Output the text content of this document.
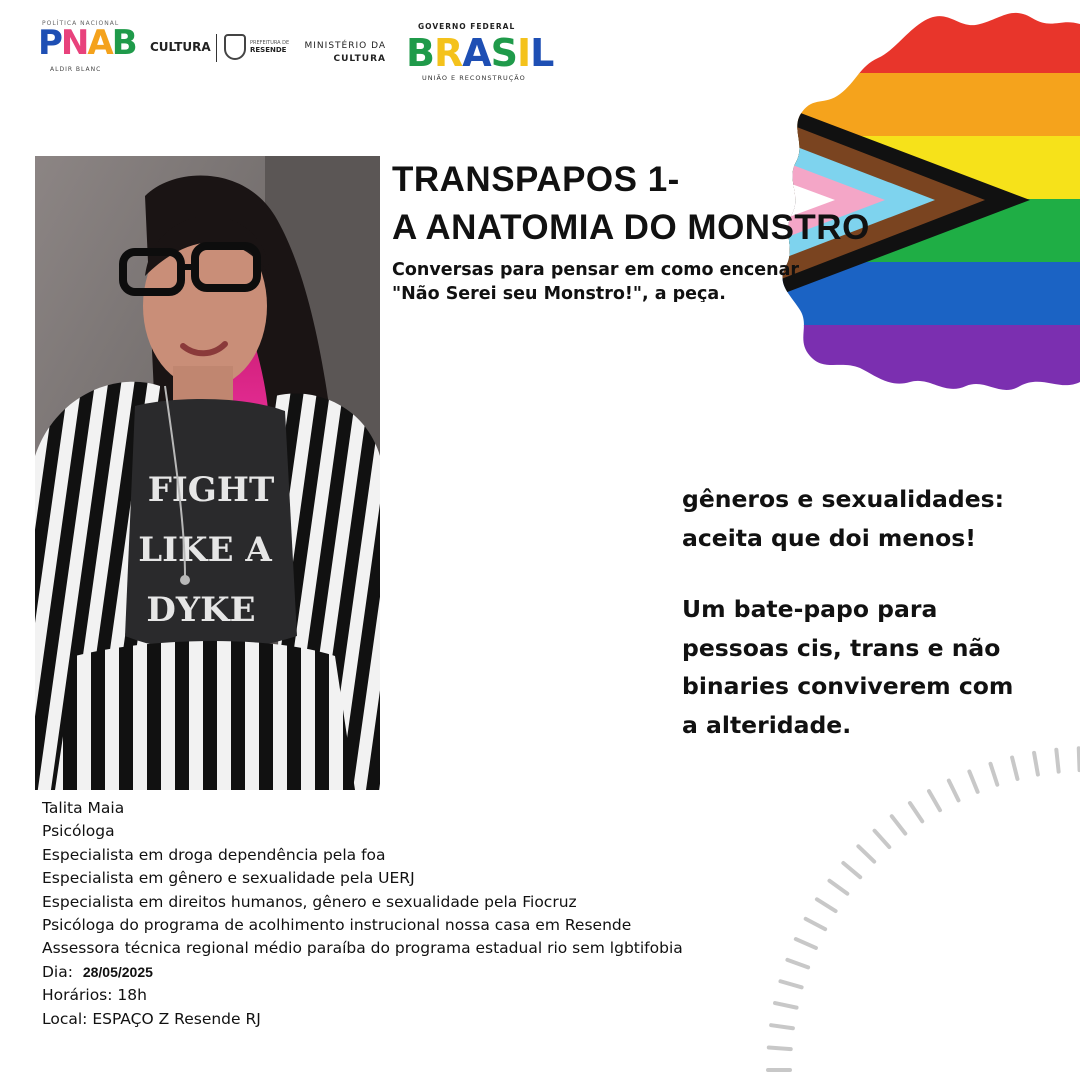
POLÍTICA NACIONAL
PNAB
ALDIR BLANC
CULTURA	PREFEITURA DE
RESENDE	MINISTÉRIO DA
CULTURA
GOVERNO FEDERAL
BRASIL
UNIÃO E RECONSTRUÇÃO
FIGHT
LIKE A
DYKE
TRANSPAPOS 1-
A ANATOMIA DO MONSTRO
Conversas para pensar em como encenar
"Não Serei seu Monstro!", a peça.
gêneros e sexualidades:
aceita que doi menos!
Um bate-papo para
pessoas cis, trans e não
binaries conviverem com
a alteridade.
Talita Maia
Psicóloga
Especialista em droga dependência pela foa
Especialista em gênero e sexualidade pela UERJ
Especialista em direitos humanos, gênero e sexualidade pela Fiocruz
Psicóloga do programa de acolhimento instrucional nossa casa em Resende
Assessora técnica regional médio paraíba do programa estadual rio sem lgbtifobia
Dia: 28/05/2025
Horários: 18h
Local: ESPAÇO Z Resende RJ
